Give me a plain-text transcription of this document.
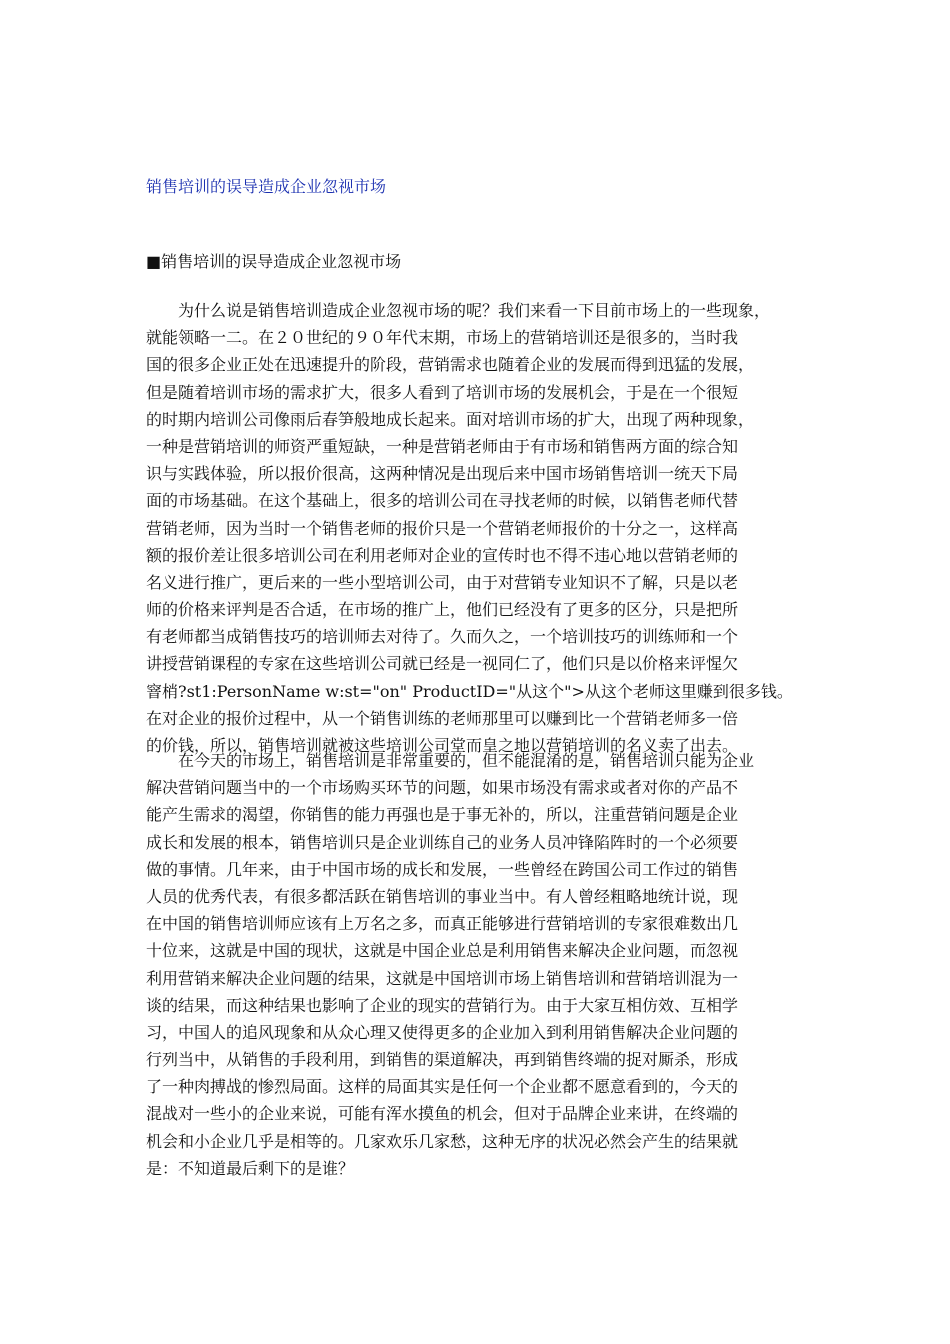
销售培训的误导造成企业忽视市场
■销售培训的误导造成企业忽视市场
　　为什么说是销售培训造成企业忽视市场的呢？我们来看一下目前市场上的一些现象，
就能领略一二。在２０世纪的９０年代末期，市场上的营销培训还是很多的，当时我
国的很多企业正处在迅速提升的阶段，营销需求也随着企业的发展而得到迅猛的发展，
但是随着培训市场的需求扩大，很多人看到了培训市场的发展机会，于是在一个很短
的时期内培训公司像雨后春笋般地成长起来。面对培训市场的扩大，出现了两种现象，
一种是营销培训的师资严重短缺，一种是营销老师由于有市场和销售两方面的综合知
识与实践体验，所以报价很高，这两种情况是出现后来中国市场销售培训一统天下局
面的市场基础。在这个基础上，很多的培训公司在寻找老师的时候，以销售老师代替
营销老师，因为当时一个销售老师的报价只是一个营销老师报价的十分之一，这样高
额的报价差让很多培训公司在利用老师对企业的宣传时也不得不违心地以营销老师的
名义进行推广，更后来的一些小型培训公司，由于对营销专业知识不了解，只是以老
师的价格来评判是否合适，在市场的推广上，他们已经没有了更多的区分，只是把所
有老师都当成销售技巧的培训师去对待了。久而久之，一个培训技巧的训练师和一个
讲授营销课程的专家在这些培训公司就已经是一视同仁了，他们只是以价格来评惺欠
窨梢?st1:PersonName w:st="on" ProductID="从这个">从这个老师这里赚到很多钱。
在对企业的报价过程中，从一个销售训练的老师那里可以赚到比一个营销老师多一倍
的价钱，所以，销售培训就被这些培训公司堂而皇之地以营销培训的名义卖了出去。
　　在今天的市场上，销售培训是非常重要的，但不能混淆的是，销售培训只能为企业
解决营销问题当中的一个市场购买环节的问题，如果市场没有需求或者对你的产品不
能产生需求的渴望，你销售的能力再强也是于事无补的，所以，注重营销问题是企业
成长和发展的根本，销售培训只是企业训练自己的业务人员冲锋陷阵时的一个必须要
做的事情。几年来，由于中国市场的成长和发展，一些曾经在跨国公司工作过的销售
人员的优秀代表，有很多都活跃在销售培训的事业当中。有人曾经粗略地统计说，现
在中国的销售培训师应该有上万名之多，而真正能够进行营销培训的专家很难数出几
十位来，这就是中国的现状，这就是中国企业总是利用销售来解决企业问题，而忽视
利用营销来解决企业问题的结果，这就是中国培训市场上销售培训和营销培训混为一
谈的结果，而这种结果也影响了企业的现实的营销行为。由于大家互相仿效、互相学
习，中国人的追风现象和从众心理又使得更多的企业加入到利用销售解决企业问题的
行列当中，从销售的手段利用，到销售的渠道解决，再到销售终端的捉对厮杀，形成
了一种肉搏战的惨烈局面。这样的局面其实是任何一个企业都不愿意看到的，今天的
混战对一些小的企业来说，可能有浑水摸鱼的机会，但对于品牌企业来讲，在终端的
机会和小企业几乎是相等的。几家欢乐几家愁，这种无序的状况必然会产生的结果就
是：不知道最后剩下的是谁？
